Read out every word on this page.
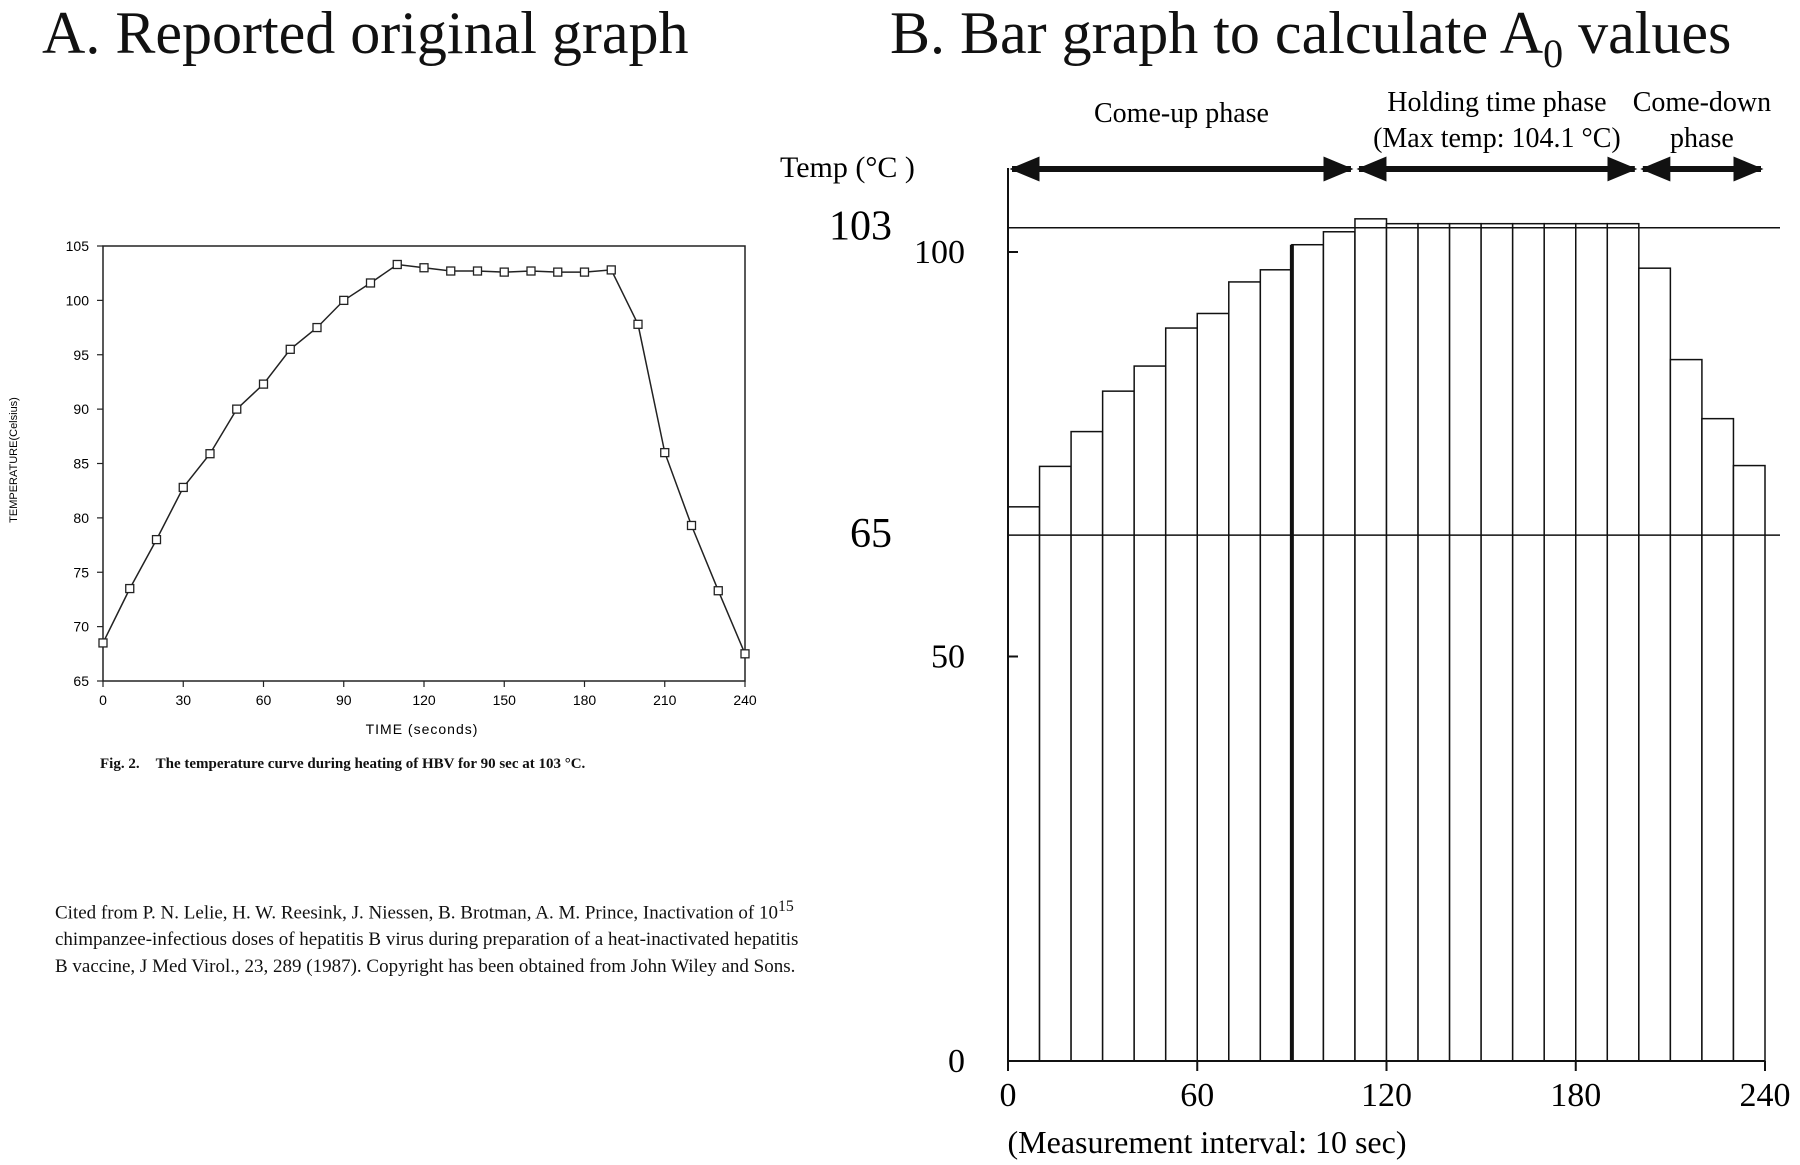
A. Reported original graph	B. Bar graph to calculate $A_0$ values
TEMPERATURE(Celsius)
TIME (seconds)
65
70
75
80
85
90
95
100
105
0	30	60	90	120	150	180	210	240

Fig. 2. The temperature curve during heating of HBV for 90 sec at 103 °C.

Cited from P. N. Lelie, H. W. Reesink, J. Niessen, B. Brotman, A. M. Prince, Inactivation of $10^{15}$ chimpanzee-infectious doses of hepatitis B virus during preparation of a heat-inactivated hepatitis B vaccine, J Med Virol., 23, 289 (1987). Copyright has been obtained from John Wiley and Sons.

103
65
0
50
100
0	60	120	180	240
Come-up phase	Holding time phase
(Max temp: 104.1 °C)
Come-down
phase
Temp (°C )
(Measurement interval: 10 sec)
